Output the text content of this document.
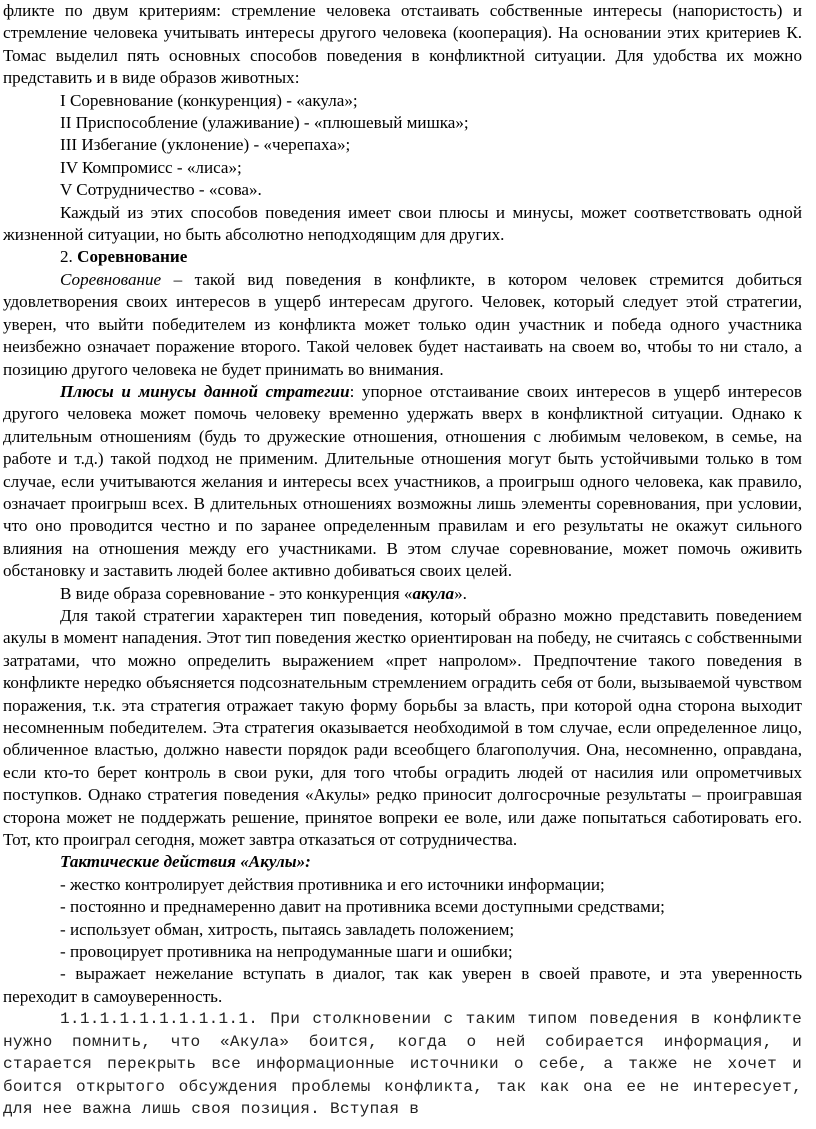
фликте по двум критериям: стремление человека отстаивать собственные интересы (напористость) и стремление человека учитывать интересы другого человека (кооперация). На основании этих критериев К. Томас выделил пять основных способов поведения в конфликтной ситуации. Для удобства их можно представить и в виде образов животных:

I Соревнование (конкуренция) - «акула»;

II Приспособление (улаживание) - «плюшевый мишка»;

III Избегание (уклонение) - «черепаха»;

IV Компромисс - «лиса»;

V Сотрудничество - «сова».

Каждый из этих способов поведения имеет свои плюсы и минусы, может соответствовать одной жизненной ситуации, но быть абсолютно неподходящим для других.

2. Соревнование

Соревнование – такой вид поведения в конфликте, в котором человек стремится добиться удовлетворения своих интересов в ущерб интересам другого. Человек, который следует этой стратегии, уверен, что выйти победителем из конфликта может только один участник и победа одного участника неизбежно означает поражение второго. Такой человек будет настаивать на своем во, чтобы то ни стало, а позицию другого человека не будет принимать во внимания.

Плюсы и минусы данной стратегии: упорное отстаивание своих интересов в ущерб интересов другого человека может помочь человеку временно удержать вверх в конфликтной ситуации. Однако к длительным отношениям (будь то дружеские отношения, отношения с любимым человеком, в семье, на работе и т.д.) такой подход не применим. Длительные отношения могут быть устойчивыми только в том случае, если учитываются желания и интересы всех участников, а проигрыш одного человека, как правило, означает проигрыш всех. В длительных отношениях возможны лишь элементы соревнования, при условии, что оно проводится честно и по заранее определенным правилам и его результаты не окажут сильного влияния на отношения между его участниками. В этом случае соревнование, может помочь оживить обстановку и заставить людей более активно добиваться своих целей.

В виде образа соревнование - это конкуренция «акула».

Для такой стратегии характерен тип поведения, который образно можно представить поведением акулы в момент нападения. Этот тип поведения жестко ориентирован на победу, не считаясь с собственными затратами, что можно определить выражением «прет напролом». Предпочтение такого поведения в конфликте нередко объясняется подсознательным стремлением оградить себя от боли, вызываемой чувством поражения, т.к. эта стратегия отражает такую форму борьбы за власть, при которой одна сторона выходит несомненным победителем. Эта стратегия оказывается необходимой в том случае, если определенное лицо, обличенное властью, должно навести порядок ради всеобщего благополучия. Она, несомненно, оправдана, если кто-то берет контроль в свои руки, для того чтобы оградить людей от насилия или опрометчивых поступков. Однако стратегия поведения «Акулы» редко приносит долгосрочные результаты – проигравшая сторона может не поддержать решение, принятое вопреки ее воле, или даже попытаться саботировать его. Тот, кто проиграл сегодня, может завтра отказаться от сотрудничества.

Тактические действия «Акулы»:

- жестко контролирует действия противника и его источники информации;

- постоянно и преднамеренно давит на противника всеми доступными средствами;

- использует обман, хитрость, пытаясь завладеть положением;

- провоцирует противника на непродуманные шаги и ошибки;

- выражает нежелание вступать в диалог, так как уверен в своей правоте, и эта уверенность переходит в самоуверенность.

1.1.1.1.1.1.1.1.1.1. При столкновении с таким типом поведения в конфликте нужно помнить, что «Акула» боится, когда о ней собирается информация, и старается перекрыть все информационные источники о себе, а также не хочет и боится открытого обсуждения проблемы конфликта, так как она ее не интересует, для нее важна лишь своя позиция. Вступая в
